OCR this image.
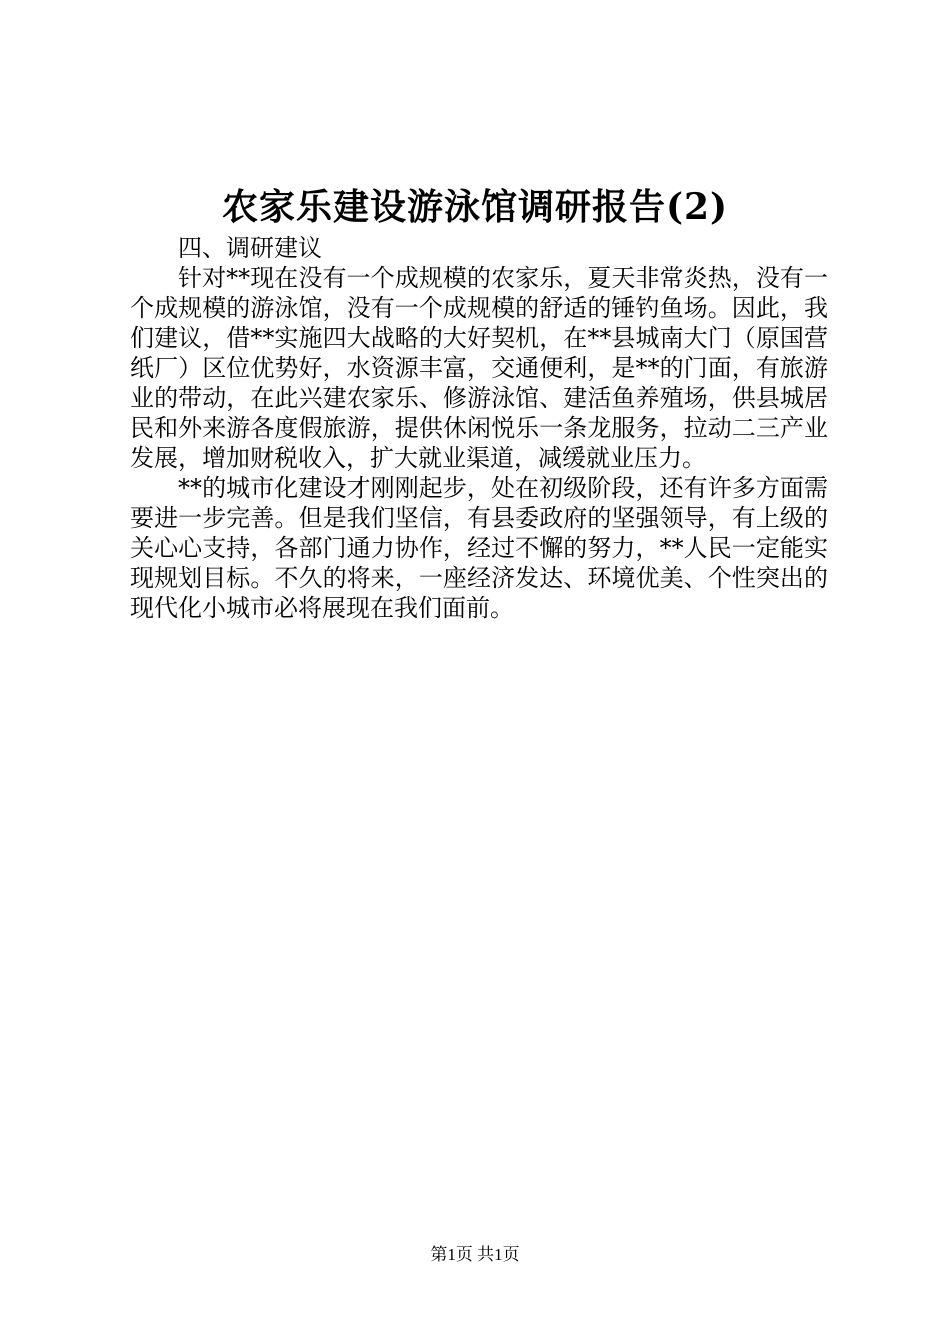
农家乐建设游泳馆调研报告(2)

四、调研建议

针对**现在没有一个成规模的农家乐，夏天非常炎热，没有一个成规模的游泳馆，没有一个成规模的舒适的锤钓鱼场。因此，我们建议，借**实施四大战略的大好契机，在**县城南大门（原国营纸厂）区位优势好，水资源丰富，交通便利，是**的门面，有旅游业的带动，在此兴建农家乐、修游泳馆、建活鱼养殖场，供县城居民和外来游各度假旅游，提供休闲悦乐一条龙服务，拉动二三产业发展，增加财税收入，扩大就业渠道，减缓就业压力。

**的城市化建设才刚刚起步，处在初级阶段，还有许多方面需要进一步完善。但是我们坚信，有县委政府的坚强领导，有上级的关心心支持，各部门通力协作，经过不懈的努力，**人民一定能实现规划目标。不久的将来，一座经济发达、环境优美、个性突出的现代化小城市必将展现在我们面前。

第1页 共1页
